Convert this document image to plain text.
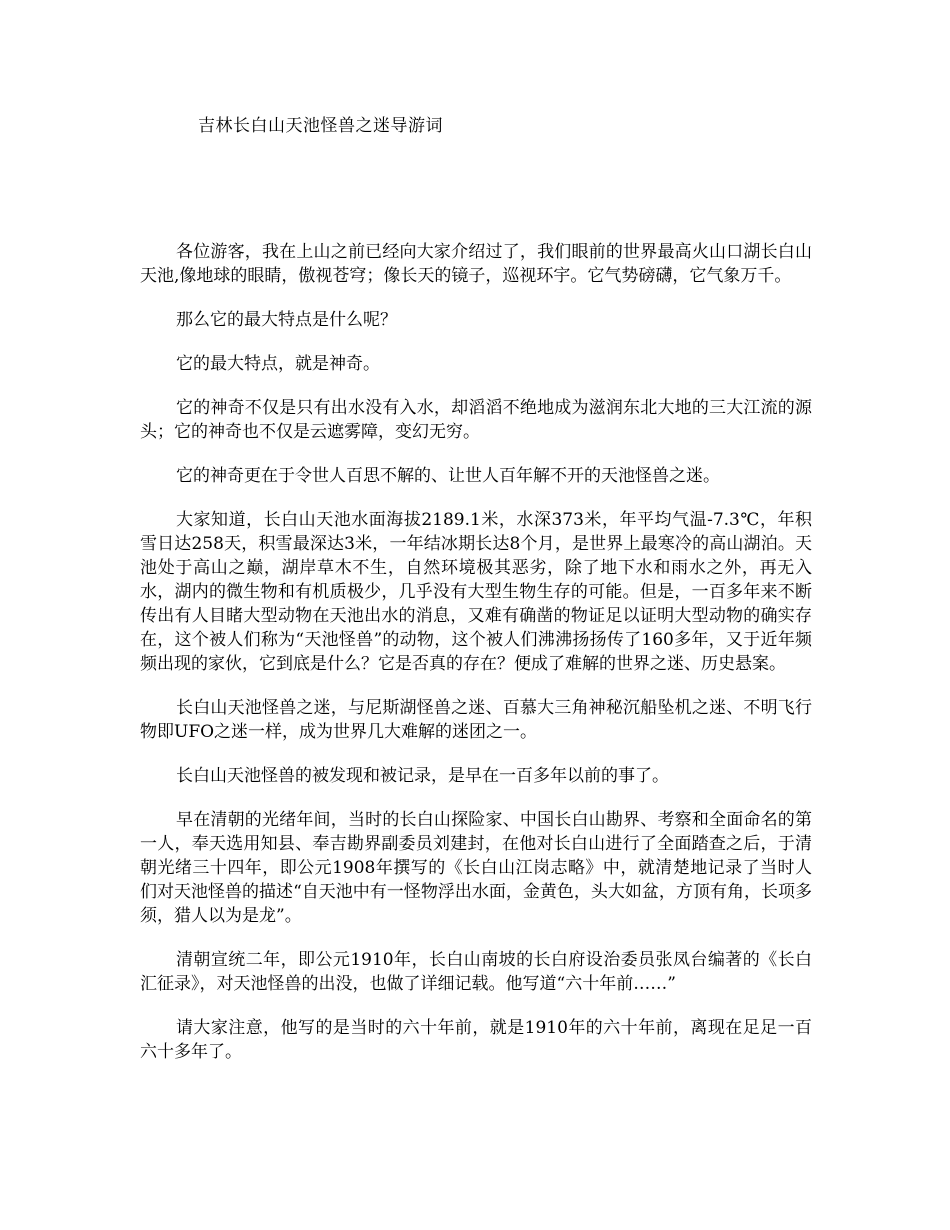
吉林长白山天池怪兽之迷导游词

各位游客，我在上山之前已经向大家介绍过了，我们眼前的世界最高火山口湖长白山天池,像地球的眼睛，傲视苍穹；像长天的镜子，巡视环宇。它气势磅礴，它气象万千。

那么它的最大特点是什么呢？

它的最大特点，就是神奇。

它的神奇不仅是只有出水没有入水，却滔滔不绝地成为滋润东北大地的三大江流的源头；它的神奇也不仅是云遮雾障，变幻无穷。

它的神奇更在于令世人百思不解的、让世人百年解不开的天池怪兽之迷。

大家知道，长白山天池水面海拔2189.1米，水深373米，年平均气温-7.3℃，年积雪日达258天，积雪最深达3米，一年结冰期长达8个月，是世界上最寒冷的高山湖泊。天池处于高山之巅，湖岸草木不生，自然环境极其恶劣，除了地下水和雨水之外，再无入水，湖内的微生物和有机质极少，几乎没有大型生物生存的可能。但是，一百多年来不断传出有人目睹大型动物在天池出水的消息，又难有确凿的物证足以证明大型动物的确实存在，这个被人们称为“天池怪兽”的动物，这个被人们沸沸扬扬传了160多年，又于近年频频出现的家伙，它到底是什么？它是否真的存在？便成了难解的世界之迷、历史悬案。

长白山天池怪兽之迷，与尼斯湖怪兽之迷、百慕大三角神秘沉船坠机之迷、不明飞行物即UFO之迷一样，成为世界几大难解的迷团之一。

长白山天池怪兽的被发现和被记录，是早在一百多年以前的事了。

早在清朝的光绪年间，当时的长白山探险家、中国长白山勘界、考察和全面命名的第一人，奉天选用知县、奉吉勘界副委员刘建封，在他对长白山进行了全面踏查之后，于清朝光绪三十四年，即公元1908年撰写的《长白山江岗志略》中，就清楚地记录了当时人们对天池怪兽的描述“自天池中有一怪物浮出水面，金黄色，头大如盆，方顶有角，长项多须，猎人以为是龙”。

清朝宣统二年，即公元1910年，长白山南坡的长白府设治委员张凤台编著的《长白汇征录》，对天池怪兽的出没，也做了详细记载。他写道“六十年前……”

请大家注意，他写的是当时的六十年前，就是1910年的六十年前，离现在足足一百六十多年了。
